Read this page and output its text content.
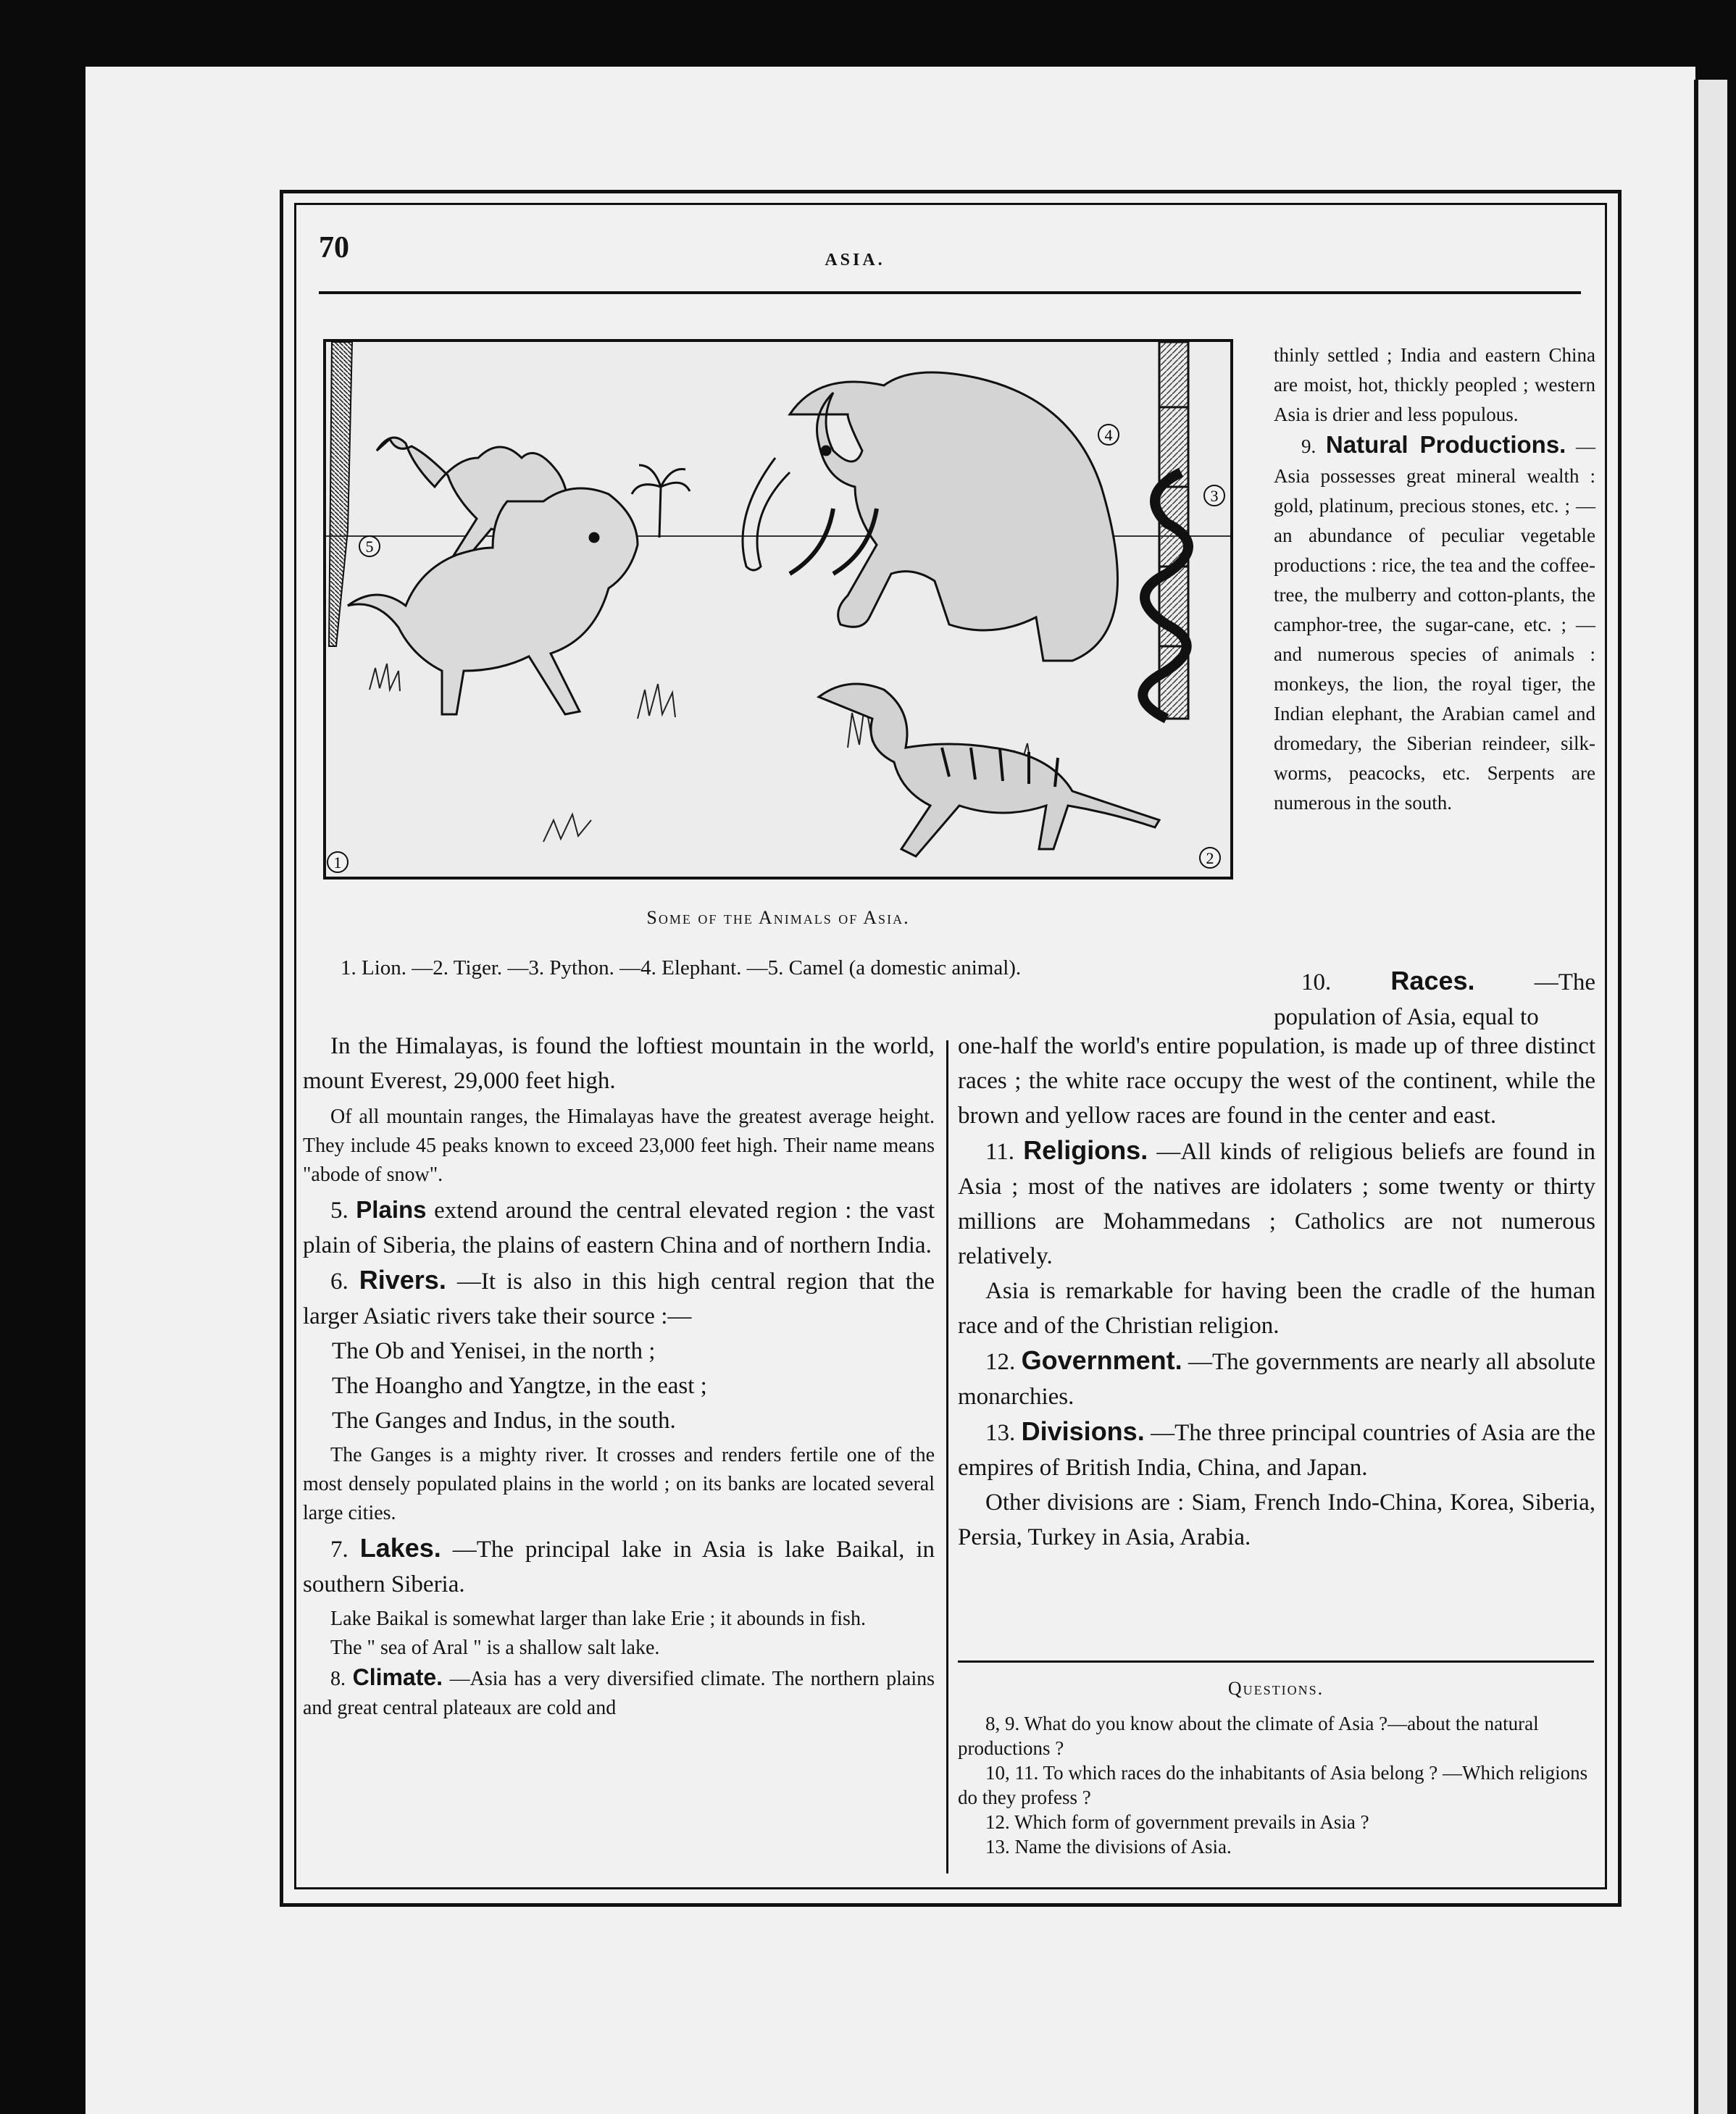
70	ASIA.
1	2
3
4
5
Some of the Animals of Asia.
1. Lion. —2. Tiger. —3. Python. —4. Elephant. —5. Camel (a domestic animal).
thinly settled ; India and eastern China are moist, hot, thickly peopled ; western Asia is drier and less populous.
9. Natural Productions. —Asia possesses great mineral wealth : gold, platinum, precious stones, etc. ; — an abundance of peculiar vegetable productions : rice, the tea and the coffee-tree, the mulberry and cotton-plants, the camphor-tree, the sugar-cane, etc. ; — and numerous species of animals : monkeys, the lion, the royal tiger, the Indian elephant, the Arabian camel and dromedary, the Siberian reindeer, silk-worms, peacocks, etc. Serpents are numerous in the south.
10. Races. —The population of Asia, equal to
In the Himalayas, is found the loftiest mountain in the world, mount Everest, 29,000 feet high.
Of all mountain ranges, the Himalayas have the greatest average height. They include 45 peaks known to exceed 23,000 feet high. Their name means "abode of snow".
5. Plains extend around the central elevated region : the vast plain of Siberia, the plains of eastern China and of northern India.
6. Rivers. —It is also in this high central region that the larger Asiatic rivers take their source :—
The Ob and Yenisei, in the north ;
The Hoangho and Yangtze, in the east ;
The Ganges and Indus, in the south.
The Ganges is a mighty river. It crosses and renders fertile one of the most densely populated plains in the world ; on its banks are located several large cities.
7. Lakes. —The principal lake in Asia is lake Baikal, in southern Siberia.
Lake Baikal is somewhat larger than lake Erie ; it abounds in fish.
The " sea of Aral " is a shallow salt lake.
8. Climate. —Asia has a very diversified climate. The northern plains and great central plateaux are cold and
one-half the world's entire population, is made up of three distinct races ; the white race occupy the west of the continent, while the brown and yellow races are found in the center and east.
11. Religions. —All kinds of religious beliefs are found in Asia ; most of the natives are idolaters ; some twenty or thirty millions are Mohammedans ; Catholics are not numerous relatively.
Asia is remarkable for having been the cradle of the human race and of the Christian religion.
12. Government. —The governments are nearly all absolute monarchies.
13. Divisions. —The three principal countries of Asia are the empires of British India, China, and Japan.
Other divisions are : Siam, French Indo-China, Korea, Siberia, Persia, Turkey in Asia, Arabia.
Questions.
8, 9. What do you know about the climate of Asia ?—about the natural productions ?
10, 11. To which races do the inhabitants of Asia belong ? —Which religions do they profess ?
12. Which form of government prevails in Asia ?
13. Name the divisions of Asia.
